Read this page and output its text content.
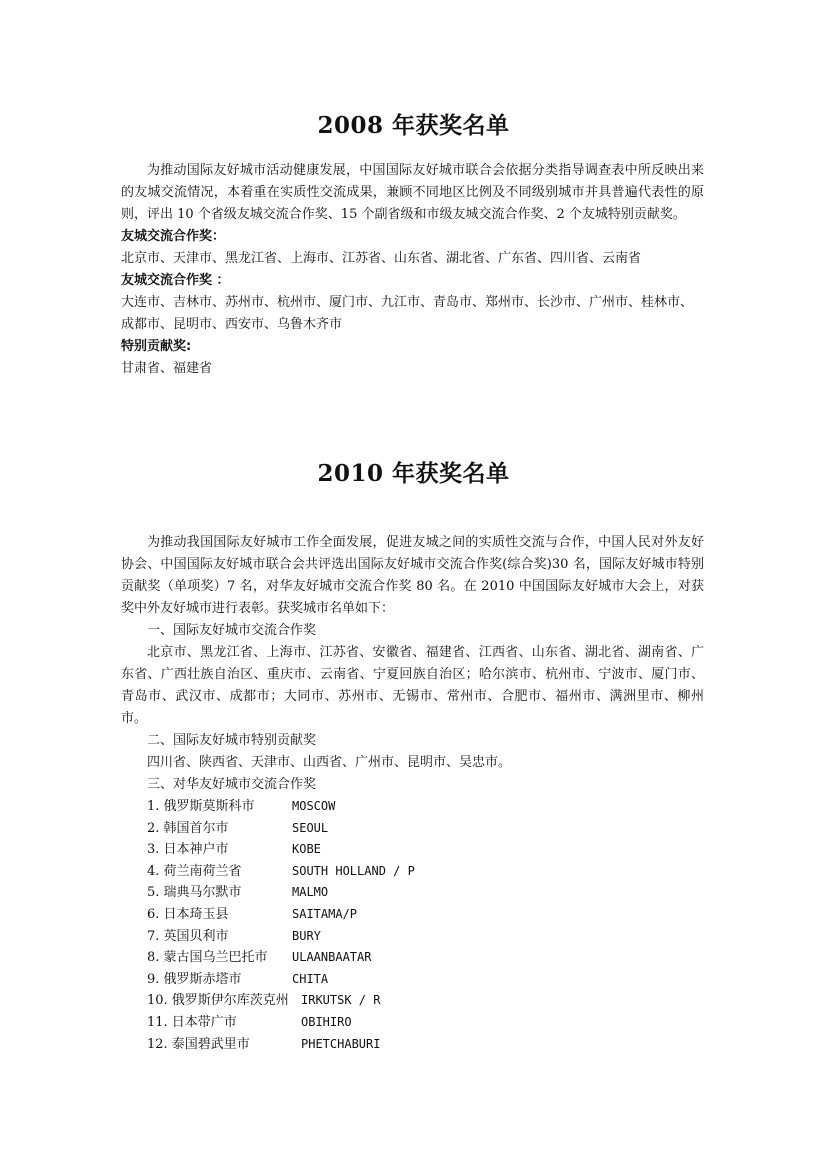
2008 年获奖名单

为推动国际友好城市活动健康发展，中国国际友好城市联合会依据分类指导调查表中所反映出来的友城交流情况，本着重在实质性交流成果，兼顾不同地区比例及不同级别城市并具普遍代表性的原则，评出 10 个省级友城交流合作奖、15 个副省级和市级友城交流合作奖、2 个友城特别贡献奖。

友城交流合作奖：

北京市、天津市、黑龙江省、上海市、江苏省、山东省、湖北省、广东省、四川省、云南省

友城交流合作奖 ：

大连市、吉林市、苏州市、杭州市、厦门市、九江市、青岛市、郑州市、长沙市、广州市、桂林市、成都市、昆明市、西安市、乌鲁木齐市

特别贡献奖:

甘肃省、福建省

2010 年获奖名单

为推动我国国际友好城市工作全面发展，促进友城之间的实质性交流与合作，中国人民对外友好协会、中国国际友好城市联合会共评选出国际友好城市交流合作奖(综合奖)30 名，国际友好城市特别贡献奖（单项奖）7 名，对华友好城市交流合作奖 80 名。在 2010 中国国际友好城市大会上，对获奖中外友好城市进行表彰。获奖城市名单如下：

一、国际友好城市交流合作奖

北京市、黑龙江省、上海市、江苏省、安徽省、福建省、江西省、山东省、湖北省、湖南省、广东省、广西壮族自治区、重庆市、云南省、宁夏回族自治区；哈尔滨市、杭州市、宁波市、厦门市、青岛市、武汉市、成都市；大同市、苏州市、无锡市、常州市、合肥市、福州市、满洲里市、柳州市。

二、国际友好城市特别贡献奖

四川省、陕西省、天津市、山西省、广州市、昆明市、吴忠市。

三、对华友好城市交流合作奖

1. 俄罗斯莫斯科市	MOSCOW
2. 韩国首尔市	SEOUL
3. 日本神户市	KOBE
4. 荷兰南荷兰省	SOUTH HOLLAND / P
5. 瑞典马尔默市	MALMO
6. 日本琦玉县	SAITAMA/P
7. 英国贝利市	BURY
8. 蒙古国乌兰巴托市	ULAANBAATAR
9. 俄罗斯赤塔市	CHITA
10. 俄罗斯伊尔库茨克州	IRKUTSK / R
11. 日本带广市	OBIHIRO
12. 泰国碧武里市	PHETCHABURI
